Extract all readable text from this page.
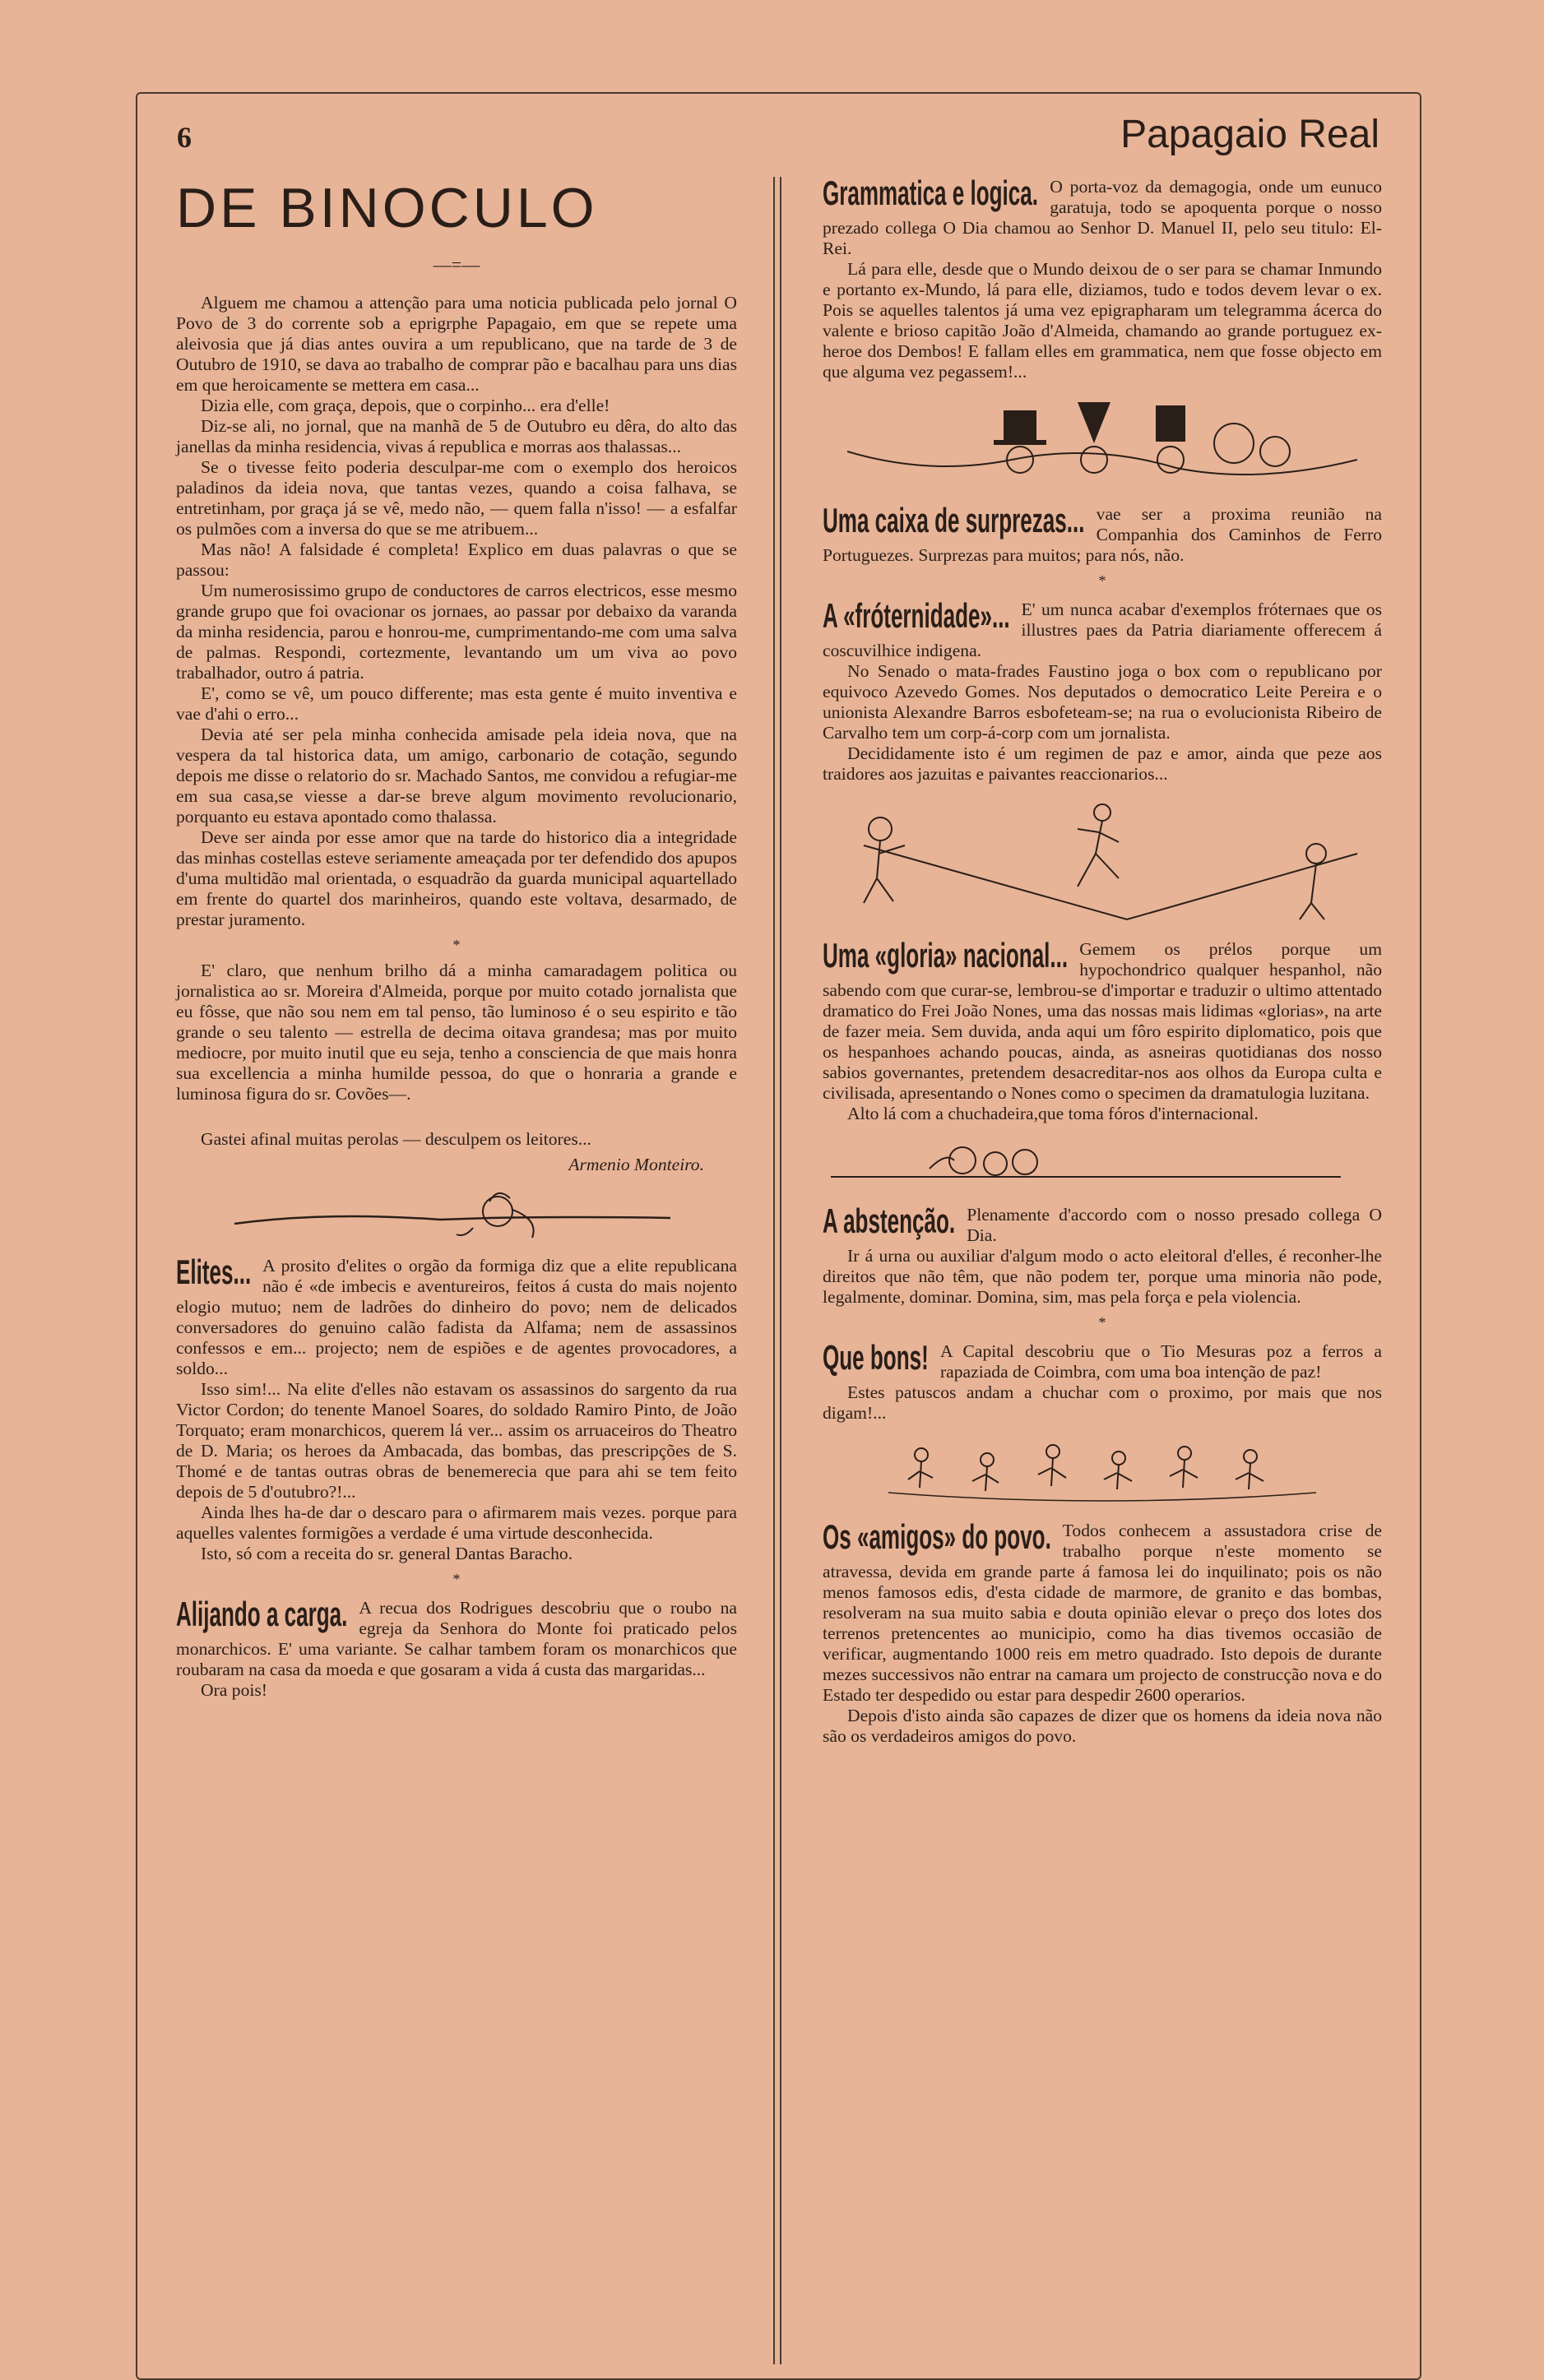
6	Papagaio Real
DE BINOCULO
—=—

Alguem me chamou a attenção para uma noticia publicada pelo jornal O Povo de 3 do corrente sob a eprigrphe Papagaio, em que se repete uma aleivosia que já dias antes ouvira a um republicano, que na tarde de 3 de Outubro de 1910, se dava ao trabalho de comprar pão e bacalhau para uns dias em que heroicamente se mettera em casa...

Dizia elle, com graça, depois, que o corpinho... era d'elle!

Diz-se ali, no jornal, que na manhã de 5 de Outubro eu dêra, do alto das janellas da minha residencia, vivas á republica e morras aos thalassas...

Se o tivesse feito poderia desculpar-me com o exemplo dos heroicos paladinos da ideia nova, que tantas vezes, quando a coisa falhava, se entretinham, por graça já se vê, medo não, — quem falla n'isso! — a esfalfar os pulmões com a inversa do que se me atribuem...

Mas não! A falsidade é completa! Explico em duas palavras o que se passou:

Um numerosissimo grupo de conductores de carros electricos, esse mesmo grande grupo que foi ovacionar os jornaes, ao passar por debaixo da varanda da minha residencia, parou e honrou-me, cumprimentando-me com uma salva de palmas. Respondi, cortezmente, levantando um um viva ao povo trabalhador, outro á patria.

E', como se vê, um pouco differente; mas esta gente é muito inventiva e vae d'ahi o erro...

Devia até ser pela minha conhecida amisade pela ideia nova, que na vespera da tal historica data, um amigo, carbonario de cotação, segundo depois me disse o relatorio do sr. Machado Santos, me convidou a refugiar-me em sua casa,se viesse a dar-se breve algum movimento revolucionario, porquanto eu estava apontado como thalassa.

Deve ser ainda por esse amor que na tarde do historico dia a integridade das minhas costellas esteve seriamente ameaçada por ter defendido dos apupos d'uma multidão mal orientada, o esquadrão da guarda municipal aquartellado em frente do quartel dos marinheiros, quando este voltava, desarmado, de prestar juramento.

*

E' claro, que nenhum brilho dá a minha camaradagem politica ou jornalistica ao sr. Moreira d'Almeida, porque por muito cotado jornalista que eu fôsse, que não sou nem em tal penso, tão luminoso é o seu espirito e tão grande o seu talento — estrella de decima oitava grandesa; mas por muito mediocre, por muito inutil que eu seja, tenho a consciencia de que mais honra sua excellencia a minha humilde pessoa, do que o honraria a grande e luminosa figura do sr. Covões—.

Gastei afinal muitas perolas — desculpem os leitores...

Armenio Monteiro.
Elites... A prosito d'elites o orgão da formiga diz que a elite republicana não é «de imbecis e aventureiros, feitos á custa do mais nojento elogio mutuo; nem de ladrões do dinheiro do povo; nem de delicados conversadores do genuino calão fadista da Alfama; nem de assassinos confessos e em... projecto; nem de espiões e de agentes provocadores, a soldo...

Isso sim!... Na elite d'elles não estavam os assassinos do sargento da rua Victor Cordon; do tenente Manoel Soares, do soldado Ramiro Pinto, de João Torquato; eram monarchicos, querem lá ver... assim os arruaceiros do Theatro de D. Maria; os heroes da Ambacada, das bombas, das prescripções de S. Thomé e de tantas outras obras de benemerecia que para ahi se tem feito depois de 5 d'outubro?!...

Ainda lhes ha-de dar o descaro para o afirmarem mais vezes. porque para aquelles valentes formigões a verdade é uma virtude desconhecida.

Isto, só com a receita do sr. general Dantas Baracho.

*
Alijando a carga. A recua dos Rodrigues descobriu que o roubo na egreja da Senhora do Monte foi praticado pelos monarchicos. E' uma variante. Se calhar tambem foram os monarchicos que roubaram na casa da moeda e que gosaram a vida á custa das margaridas...

Ora pois!

Grammatica e logica. O porta-voz da demagogia, onde um eunuco garatuja, todo se apoquenta porque o nosso prezado collega O Dia chamou ao Senhor D. Manuel II, pelo seu titulo: El-Rei.

Lá para elle, desde que o Mundo deixou de o ser para se chamar Inmundo e portanto ex-Mundo, lá para elle, diziamos, tudo e todos devem levar o ex. Pois se aquelles talentos já uma vez epigrapharam um telegramma ácerca do valente e brioso capitão João d'Almeida, chamando ao grande portuguez ex-heroe dos Dembos! E fallam elles em grammatica, nem que fosse objecto em que alguma vez pegassem!...

Uma caixa de surprezas... vae ser a proxima reunião na Companhia dos Caminhos de Ferro Portuguezes. Surprezas para muitos; para nós, não.

*
A «fróternidade»... E' um nunca acabar d'exemplos fróternaes que os illustres paes da Patria diariamente offerecem á coscuvilhice indigena.

No Senado o mata-frades Faustino joga o box com o republicano por equivoco Azevedo Gomes. Nos deputados o democratico Leite Pereira e o unionista Alexandre Barros esbofeteam-se; na rua o evolucionista Ribeiro de Carvalho tem um corp-á-corp com um jornalista.

Decididamente isto é um regimen de paz e amor, ainda que peze aos traidores aos jazuitas e paivantes reaccionarios...

Uma «gloria» nacional... Gemem os prélos porque um hypochondrico qualquer hespanhol, não sabendo com que curar-se, lembrou-se d'importar e traduzir o ultimo attentado dramatico do Frei João Nones, uma das nossas mais lidimas «glorias», na arte de fazer meia. Sem duvida, anda aqui um fôro espirito diplomatico, pois que os hespanhoes achando poucas, ainda, as asneiras quotidianas dos nosso sabios governantes, pretendem desacreditar-nos aos olhos da Europa culta e civilisada, apresentando o Nones como o specimen da dramatulogia luzitana.

Alto lá com a chuchadeira,que toma fóros d'internacional.

A abstenção. Plenamente d'accordo com o nosso presado collega O Dia.

Ir á urna ou auxiliar d'algum modo o acto eleitoral d'elles, é reconher-lhe direitos que não têm, que não podem ter, porque uma minoria não pode, legalmente, dominar. Domina, sim, mas pela força e pela violencia.

*
Que bons! A Capital descobriu que o Tio Mesuras poz a ferros a rapaziada de Coimbra, com uma boa intenção de paz!

Estes patuscos andam a chuchar com o proximo, por mais que nos digam!...

Os «amigos» do povo. Todos conhecem a assustadora crise de trabalho porque n'este momento se atravessa, devida em grande parte á famosa lei do inquilinato; pois os não menos famosos edis, d'esta cidade de marmore, de granito e das bombas, resolveram na sua muito sabia e douta opinião elevar o preço dos lotes dos terrenos pretencentes ao municipio, como ha dias tivemos occasião de verificar, augmentando 1000 reis em metro quadrado. Isto depois de durante mezes successivos não entrar na camara um projecto de construcção nova e do Estado ter despedido ou estar para despedir 2600 operarios.

Depois d'isto ainda são capazes de dizer que os homens da ideia nova não são os verdadeiros amigos do povo.
